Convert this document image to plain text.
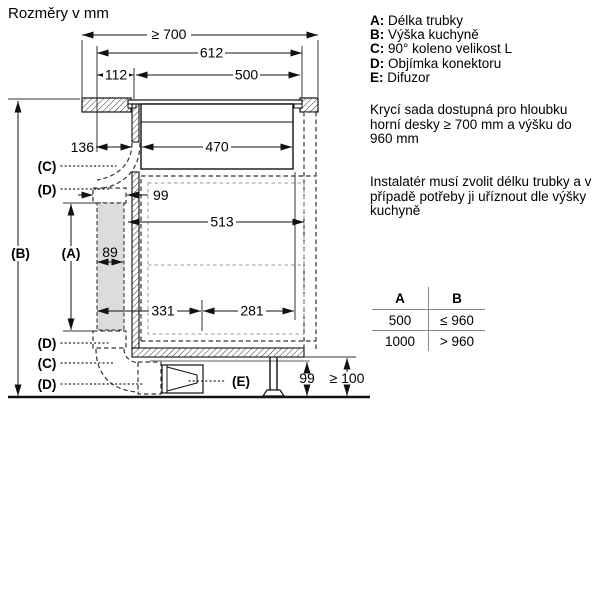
Rozměry v mm
≥ 700
612
112	500
136	470
99
89
513
331	281
99 ≥ 100
(C)
(D)
(B) (A)
(D)
(C)
(D)	(E)
A: Délka trubky
B: Výška kuchyně
C: 90° koleno velikost L
D: Objímka konektoru
E: Difuzor
Krycí sada dostupná pro hloubku horní desky ≥ 700 mm a výšku do 960 mm
Instalatér musí zvolit délku trubky a v případě potřeby ji uříznout dle výšky kuchyně
A	B
500	≤ 960
1000	> 960
